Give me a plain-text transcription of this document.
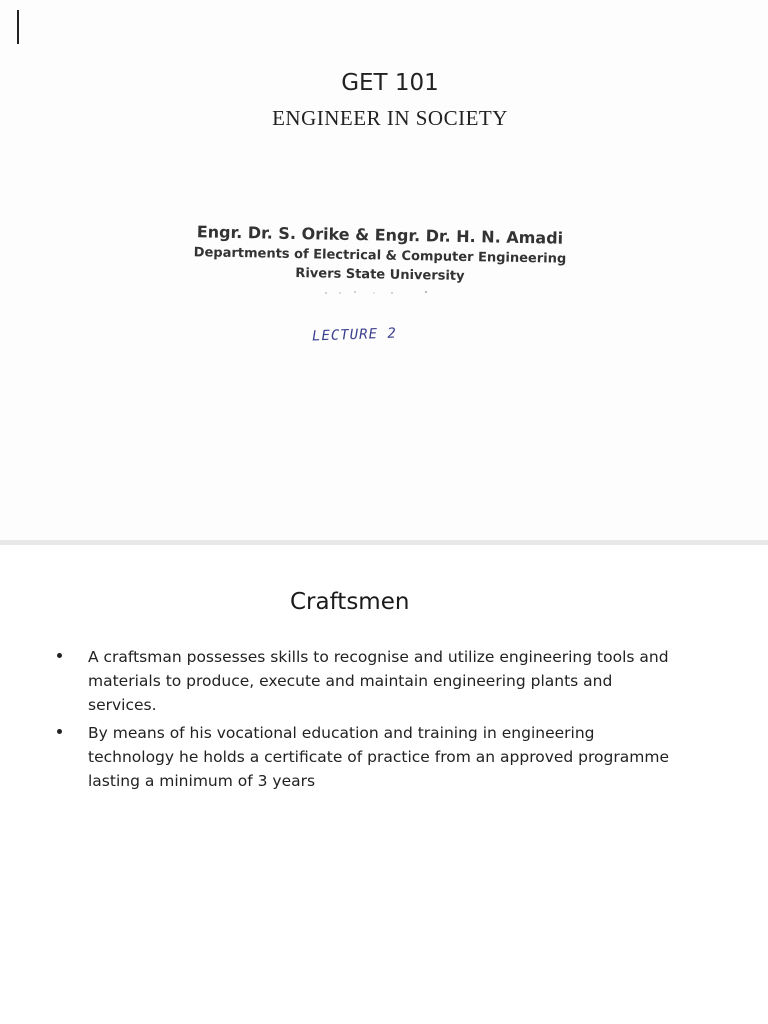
GET 101
ENGINEER IN SOCIETY
Engr. Dr. S. Orike & Engr. Dr. H. N. Amadi
Departments of Electrical & Computer Engineering
Rivers State University
LECTURE 2
Craftsmen
A craftsman possesses skills to recognise and utilize engineering tools and materials to produce, execute and maintain engineering plants and services.
By means of his vocational education and training in engineering technology he holds a certificate of practice from an approved programme lasting a minimum of 3 years
